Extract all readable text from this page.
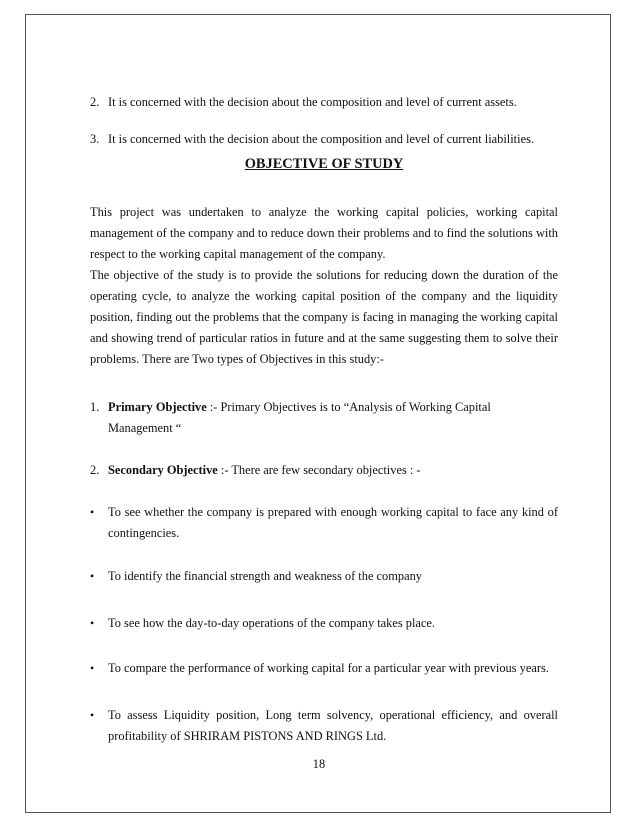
2. It is concerned with the decision about the composition and level of current assets.
3. It is concerned with the decision about the composition and level of current liabilities.
OBJECTIVE OF STUDY
This project was undertaken to analyze the working capital policies, working capital management of the company and to reduce down their problems and to find the solutions with respect to the working capital management of the company.
The objective of the study is to provide the solutions for reducing down the duration of the operating cycle, to analyze the working capital position of the company and the liquidity position, finding out the problems that the company is facing in managing the working capital and showing trend of particular ratios in future and at the same suggesting them to solve their problems. There are Two types of Objectives in this study:-
1. Primary Objective :- Primary Objectives is to “Analysis of Working Capital Management “
2. Secondary Objective :- There are few secondary objectives : -
•	To see whether the company is prepared with enough working capital to face any kind of contingencies.
•	To identify the financial strength and weakness of the company
•	To see how the day-to-day operations of the company takes place.
•	To compare the performance of working capital for a particular year with previous years.
•	To assess Liquidity position, Long term solvency, operational efficiency, and overall profitability of SHRIRAM PISTONS AND RINGS Ltd.
18
